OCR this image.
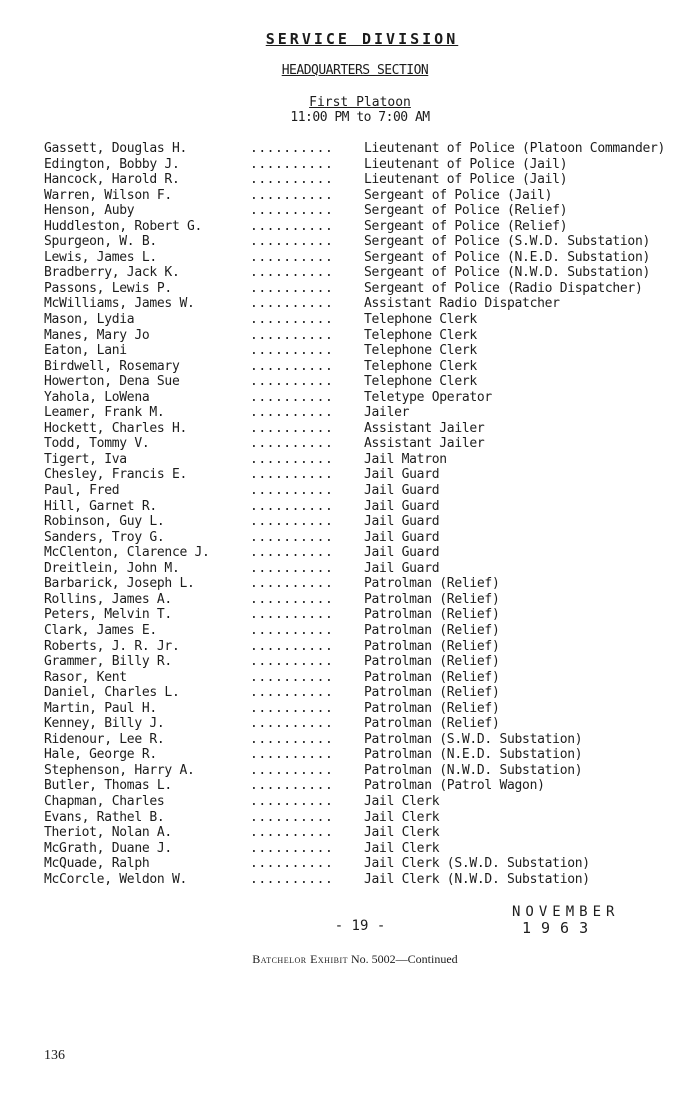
SERVICE DIVISION
HEADQUARTERS SECTION
First Platoon
11:00 PM to 7:00 AM
Gassett, Douglas H.	.......... Lieutenant of Police (Platoon Commander)
Edington, Bobby J.	.......... Lieutenant of Police (Jail)
Hancock, Harold R.	.......... Lieutenant of Police (Jail)
Warren, Wilson F.	.......... Sergeant of Police (Jail)
Henson, Auby	.......... Sergeant of Police (Relief)
Huddleston, Robert G.	.......... Sergeant of Police (Relief)
Spurgeon, W. B.	.......... Sergeant of Police (S.W.D. Substation)
Lewis, James L.	.......... Sergeant of Police (N.E.D. Substation)
Bradberry, Jack K.	.......... Sergeant of Police (N.W.D. Substation)
Passons, Lewis P.	.......... Sergeant of Police (Radio Dispatcher)
McWilliams, James W.	.......... Assistant Radio Dispatcher
Mason, Lydia	.......... Telephone Clerk
Manes, Mary Jo	.......... Telephone Clerk
Eaton, Lani	.......... Telephone Clerk
Birdwell, Rosemary	.......... Telephone Clerk
Howerton, Dena Sue	.......... Telephone Clerk
Yahola, LoWena	.......... Teletype Operator
Leamer, Frank M.	.......... Jailer
Hockett, Charles H.	.......... Assistant Jailer
Todd, Tommy V.	.......... Assistant Jailer
Tigert, Iva	.......... Jail Matron
Chesley, Francis E.	.......... Jail Guard
Paul, Fred	.......... Jail Guard
Hill, Garnet R.	.......... Jail Guard
Robinson, Guy L.	.......... Jail Guard
Sanders, Troy G.	.......... Jail Guard
McClenton, Clarence J.	.......... Jail Guard
Dreitlein, John M.	.......... Jail Guard
Barbarick, Joseph L.	.......... Patrolman (Relief)
Rollins, James A.	.......... Patrolman (Relief)
Peters, Melvin T.	.......... Patrolman (Relief)
Clark, James E.	.......... Patrolman (Relief)
Roberts, J. R. Jr.	.......... Patrolman (Relief)
Grammer, Billy R.	.......... Patrolman (Relief)
Rasor, Kent	.......... Patrolman (Relief)
Daniel, Charles L.	.......... Patrolman (Relief)
Martin, Paul H.	.......... Patrolman (Relief)
Kenney, Billy J.	.......... Patrolman (Relief)
Ridenour, Lee R.	.......... Patrolman (S.W.D. Substation)
Hale, George R.	.......... Patrolman (N.E.D. Substation)
Stephenson, Harry A.	.......... Patrolman (N.W.D. Substation)
Butler, Thomas L.	.......... Patrolman (Patrol Wagon)
Chapman, Charles	.......... Jail Clerk
Evans, Rathel B.	.......... Jail Clerk
Theriot, Nolan A.	.......... Jail Clerk
McGrath, Duane J.	.......... Jail Clerk
McQuade, Ralph	.......... Jail Clerk (S.W.D. Substation)
McCorcle, Weldon W.	.......... Jail Clerk (N.W.D. Substation)
- 19 -
NOVEMBER
1963
Batchelor Exhibit No. 5002—Continued
136
